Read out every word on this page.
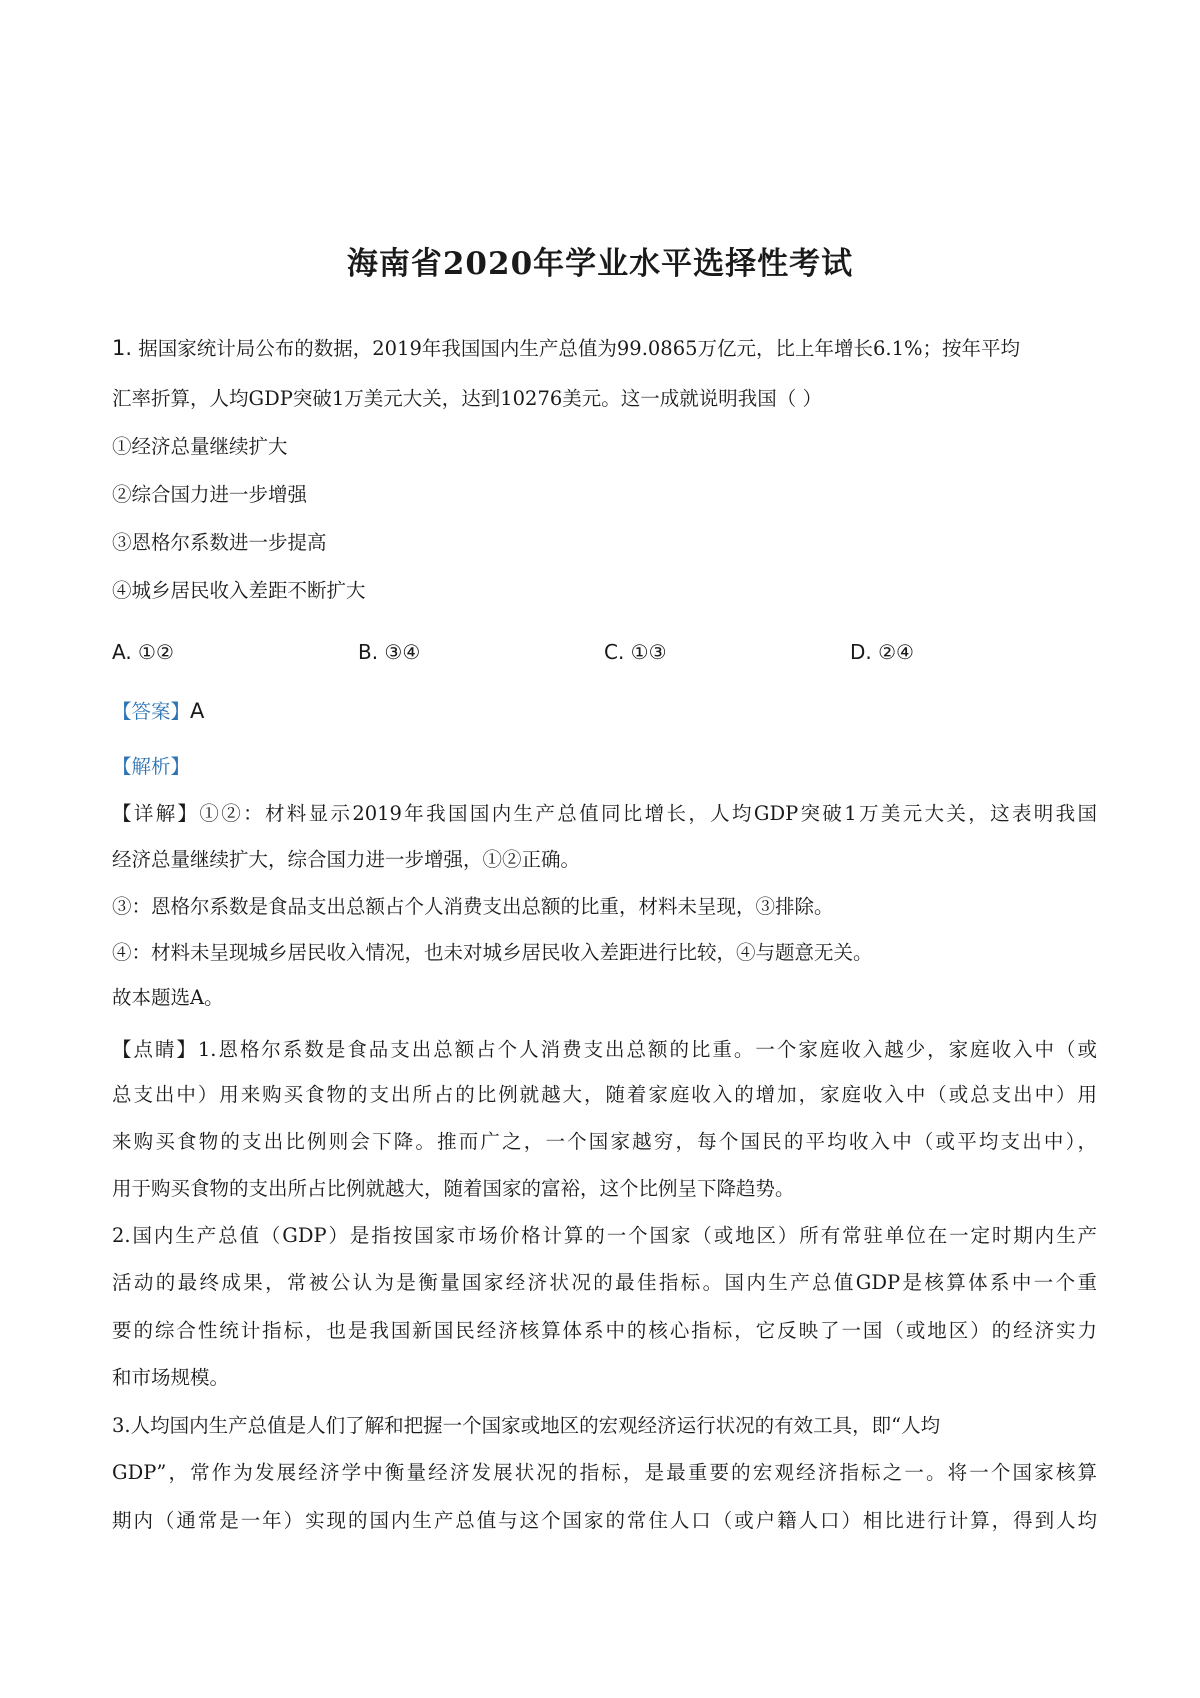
海南省2020年学业水平选择性考试
1. 据国家统计局公布的数据，2019年我国国内生产总值为99.0865万亿元，比上年增长6.1%；按年平均
汇率折算，人均GDP突破1万美元大关，达到10276美元。这一成就说明我国（ ）
①经济总量继续扩大
②综合国力进一步增强
③恩格尔系数进一步提高
④城乡居民收入差距不断扩大
A. ①②	B. ③④	C. ①③	D. ②④
【答案】A
【解析】
【详解】①②：材料显示2019年我国国内生产总值同比增长，人均GDP突破1万美元大关，这表明我国
经济总量继续扩大，综合国力进一步增强，①②正确。
③：恩格尔系数是食品支出总额占个人消费支出总额的比重，材料未呈现，③排除。
④：材料未呈现城乡居民收入情况，也未对城乡居民收入差距进行比较，④与题意无关。
故本题选A。
【点睛】1.恩格尔系数是食品支出总额占个人消费支出总额的比重。一个家庭收入越少，家庭收入中（或
总支出中）用来购买食物的支出所占的比例就越大，随着家庭收入的增加，家庭收入中（或总支出中）用
来购买食物的支出比例则会下降。推而广之，一个国家越穷，每个国民的平均收入中（或平均支出中），
用于购买食物的支出所占比例就越大，随着国家的富裕，这个比例呈下降趋势。
2.国内生产总值（GDP）是指按国家市场价格计算的一个国家（或地区）所有常驻单位在一定时期内生产
活动的最终成果，常被公认为是衡量国家经济状况的最佳指标。国内生产总值GDP是核算体系中一个重
要的综合性统计指标，也是我国新国民经济核算体系中的核心指标，它反映了一国（或地区）的经济实力
和市场规模。
3.人均国内生产总值是人们了解和把握一个国家或地区的宏观经济运行状况的有效工具，即“人均
GDP”，常作为发展经济学中衡量经济发展状况的指标，是最重要的宏观经济指标之一。将一个国家核算
期内（通常是一年）实现的国内生产总值与这个国家的常住人口（或户籍人口）相比进行计算，得到人均
